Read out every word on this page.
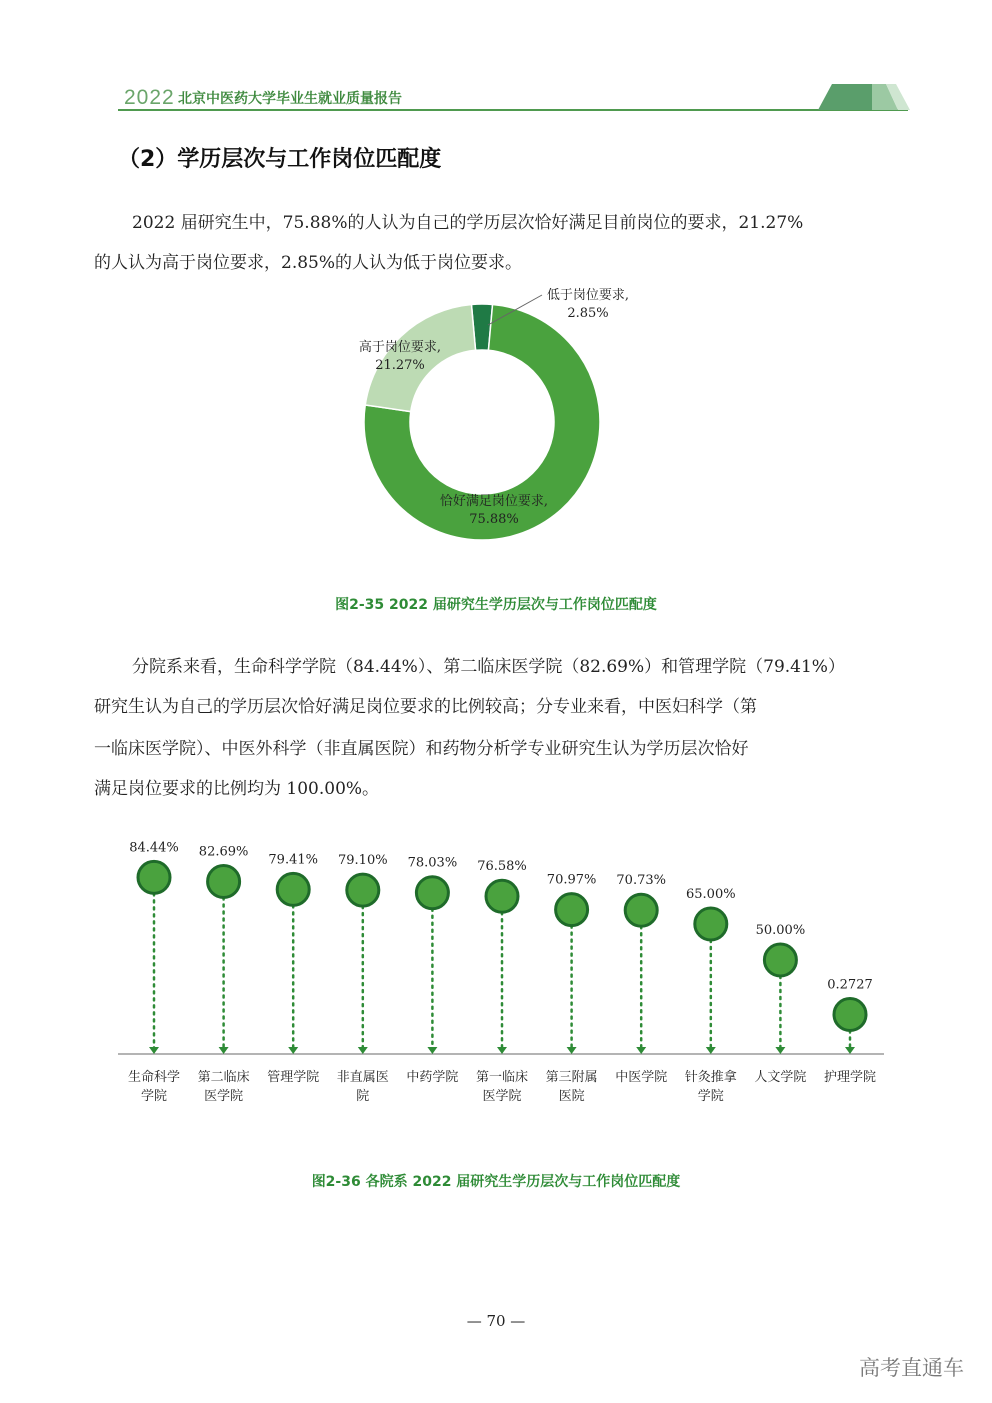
2022 北京中医药大学毕业生就业质量报告
（2）学历层次与工作岗位匹配度

2022 届研究生中，75.88%的人认为自己的学历层次恰好满足目前岗位的要求，21.27%

的人认为高于岗位要求，2.85%的人认为低于岗位要求。

低于岗位要求,
2.85%
高于岗位要求,
21.27%
恰好满足岗位要求,
75.88%
图2-35 2022 届研究生学历层次与工作岗位匹配度

分院系来看，生命科学学院（84.44%）、第二临床医学院（82.69%）和管理学院（79.41%）

研究生认为自己的学历层次恰好满足岗位要求的比例较高；分专业来看，中医妇科学（第

一临床医学院）、中医外科学（非直属医院）和药物分析学专业研究生认为学历层次恰好

满足岗位要求的比例均为 100.00%。

84.44%
生命科学
学院
82.69%
第二临床
医学院
79.41%
管理学院
79.10%
非直属医
院
78.03%
中药学院
76.58%
第一临床
医学院
70.97%
第三附属
医院
70.73%
中医学院
65.00%
针灸推拿
学院
50.00%
人文学院
0.2727
护理学院
图2-36 各院系 2022 届研究生学历层次与工作岗位匹配度
— 70 —
高考直通车
